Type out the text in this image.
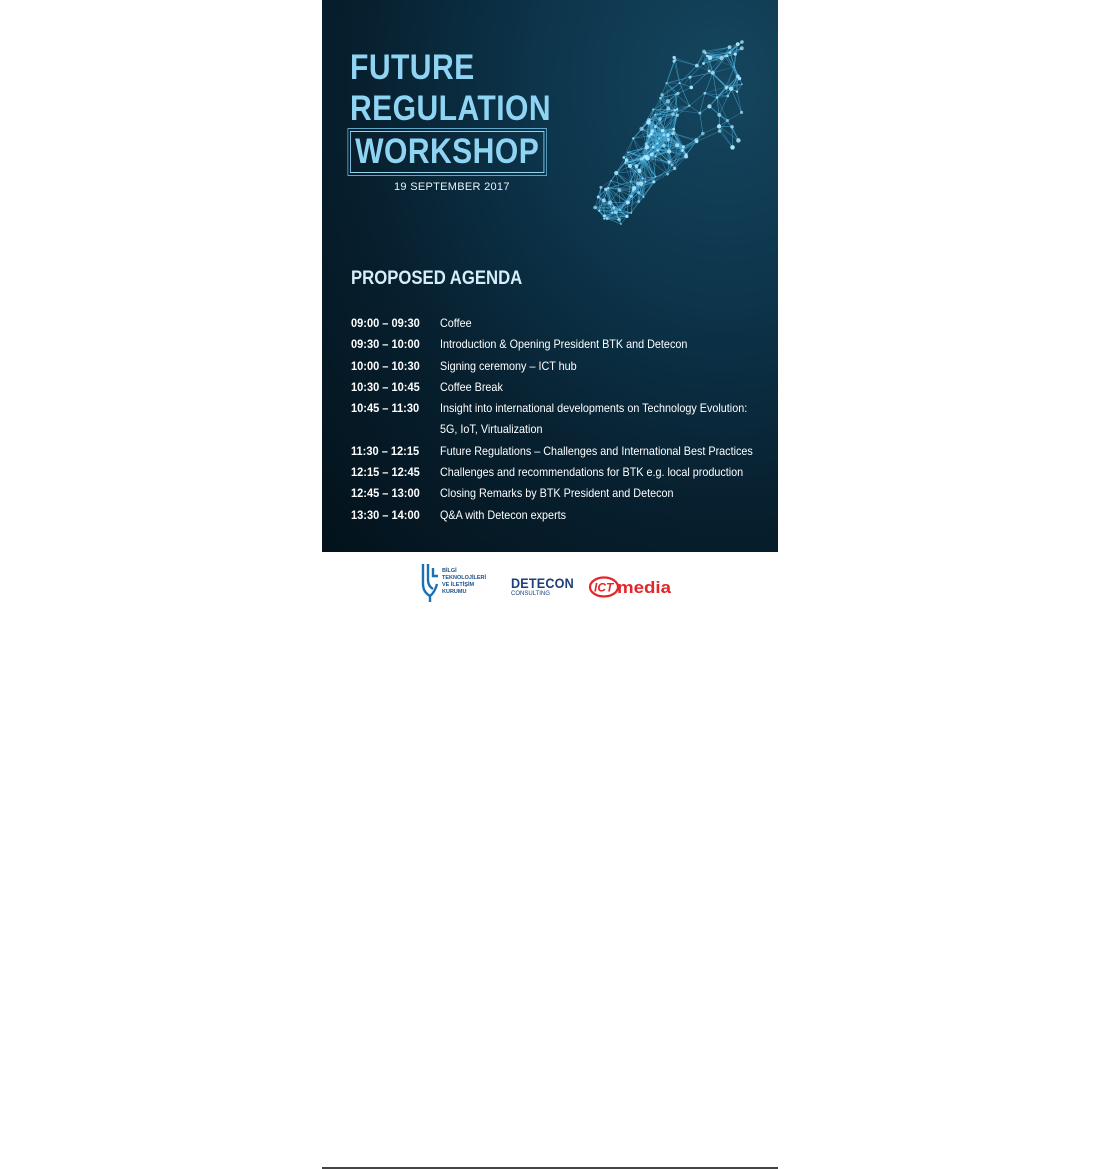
FUTURE
REGULATION
WORKSHOP
19 SEPTEMBER 2017
PROPOSED AGENDA
09:00 – 09:30	Coffee
09:30 – 10:00	Introduction & Opening President BTK and Detecon
10:00 – 10:30	Signing ceremony – ICT hub
10:30 – 10:45	Coffee Break
10:45 – 11:30	Insight into international developments on Technology Evolution:
5G, IoT, Virtualization
11:30 – 12:15	Future Regulations – Challenges and International Best Practices
12:15 – 12:45	Challenges and recommendations for BTK e.g. local production
12:45 – 13:00	Closing Remarks by BTK President and Detecon
13:30 – 14:00	Q&A with Detecon experts
BİLGİ
TEKNOLOJİLERİ
VE İLETİŞİM
KURUMU
DETECON
CONSULTING	ICT media
